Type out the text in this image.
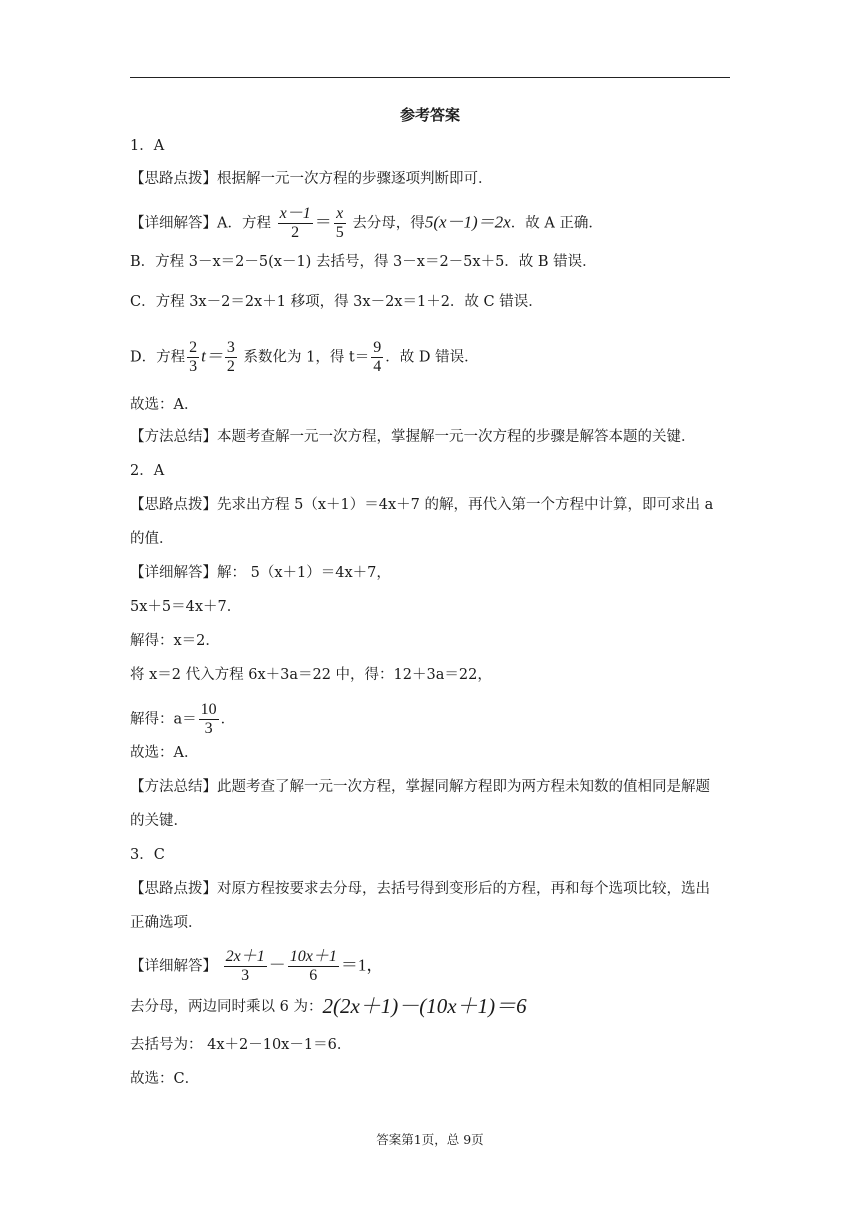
参考答案
1．A
【思路点拨】根据解一元一次方程的步骤逐项判断即可．
【详细解答】A．方程 $\frac{x-1}{2} = \frac{x}{5}$ 去分母，得5(x－1)＝2x．故 A 正确．
B．方程 3－x＝2－5(x－1) 去括号，得 3－x＝2－5x＋5．故 B 错误．
C．方程 3x－2＝2x＋1 移项，得 3x－2x＝1＋2．故 C 错误．
D．方程 $\frac{2}{3} t= \frac{3}{2}$ 系数化为 1，得 $t= \frac{9}{4}$ ．故 D 错误．
故选：A．
【方法总结】本题考查解一元一次方程，掌握解一元一次方程的步骤是解答本题的关键．
2．A
【思路点拨】先求出方程 5（x＋1）＝4x＋7 的解，再代入第一个方程中计算，即可求出 a
的值．
【详细解答】解： 5（x＋1）＝4x＋7，
5x＋5＝4x＋7．
解得：x＝2．
将 x＝2 代入方程 6x＋3a＝22 中，得：12＋3a＝22，
解得：$a= \frac{10}{3}$ ．
故选：A．
【方法总结】此题考查了解一元一次方程，掌握同解方程即为两方程未知数的值相同是解题
的关键．
3．C
【思路点拨】对原方程按要求去分母，去括号得到变形后的方程，再和每个选项比较，选出
正确选项．
【详细解答】 $\frac{2x+1}{3} - \frac{10x+1}{6} =1$，
去分母，两边同时乘以 6 为：2(2x＋1)－(10x＋1)＝6
去括号为： 4x＋2－10x－1＝6．
故选：C．
答案第1页，总 9页
